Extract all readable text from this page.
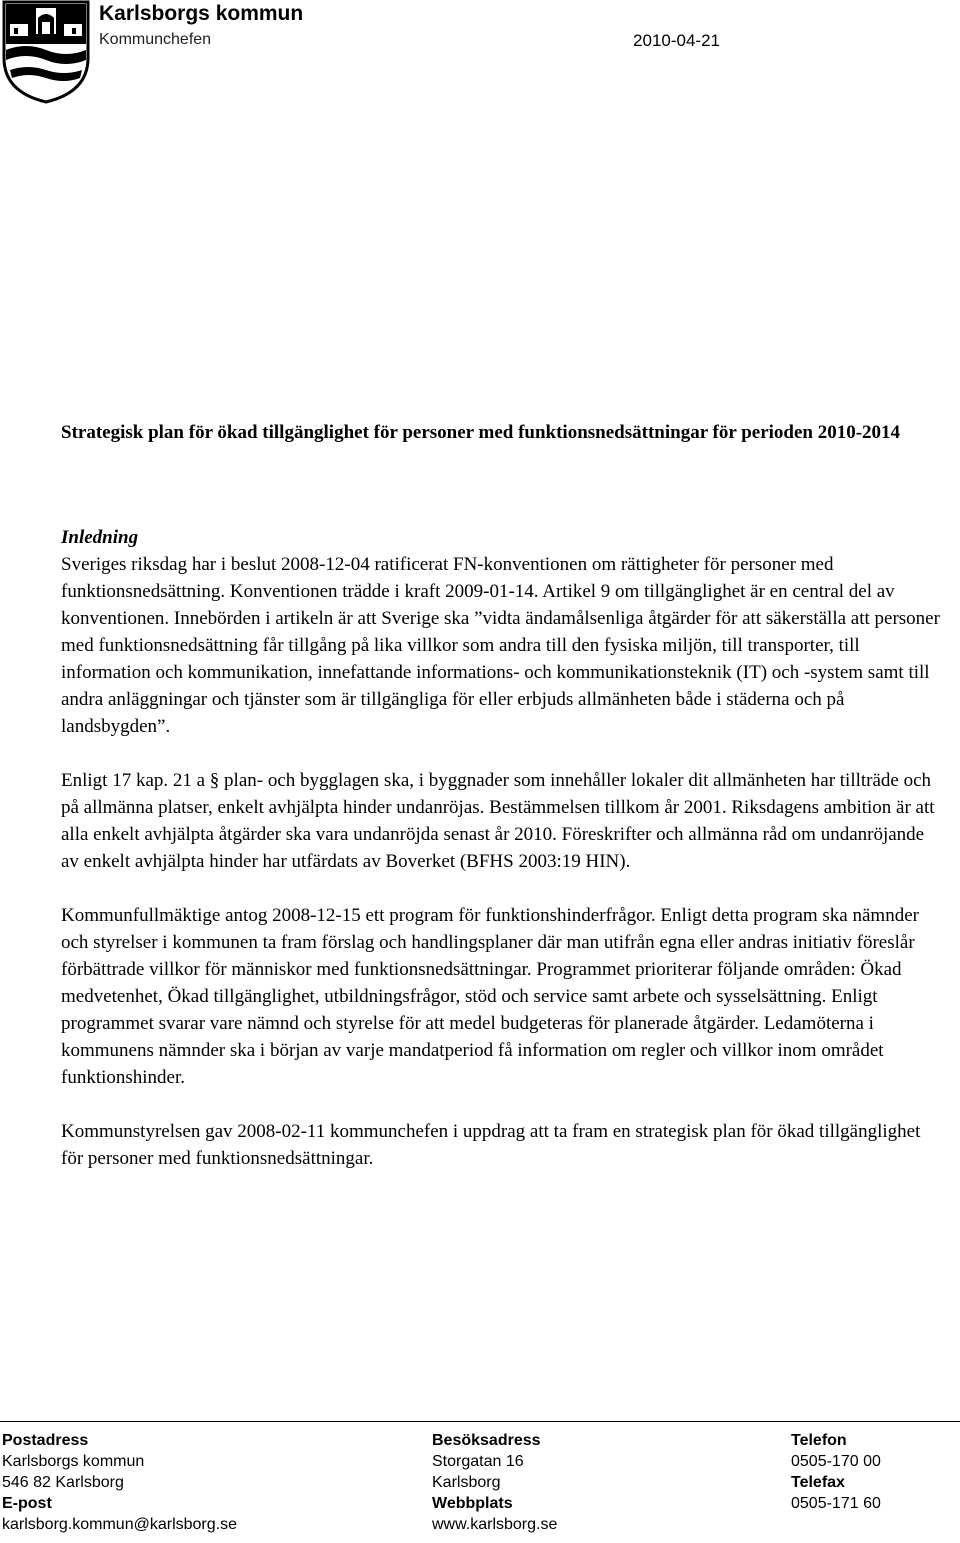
Karlsborgs kommun
Kommunchefen	2010-04-21
Strategisk plan för ökad tillgänglighet för personer med funktionsnedsättningar för perioden 2010-2014
Inledning

Sveriges riksdag har i beslut 2008-12-04 ratificerat FN-konventionen om rättigheter för personer med funktionsnedsättning. Konventionen trädde i kraft 2009-01-14. Artikel 9 om tillgänglighet är en central del av konventionen. Innebörden i artikeln är att Sverige ska ”vidta ändamålsenliga åtgärder för att säkerställa att personer med funktionsnedsättning får tillgång på lika villkor som andra till den fysiska miljön, till transporter, till information och kommunikation, innefattande informations- och kommunikationsteknik (IT) och -system samt till andra anläggningar och tjänster som är tillgängliga för eller erbjuds allmänheten både i städerna och på landsbygden”.

Enligt 17 kap. 21 a § plan- och bygglagen ska, i byggnader som innehåller lokaler dit allmänheten har tillträde och på allmänna platser, enkelt avhjälpta hinder undanröjas. Bestämmelsen tillkom år 2001. Riksdagens ambition är att alla enkelt avhjälpta åtgärder ska vara undanröjda senast år 2010. Föreskrifter och allmänna råd om undanröjande av enkelt avhjälpta hinder har utfärdats av Boverket (BFHS 2003:19 HIN).

Kommunfullmäktige antog 2008-12-15 ett program för funktionshinderfrågor. Enligt detta program ska nämnder och styrelser i kommunen ta fram förslag och handlingsplaner där man utifrån egna eller andras initiativ föreslår förbättrade villkor för människor med funktionsnedsättningar. Programmet prioriterar följande områden: Ökad medvetenhet, Ökad tillgänglighet, utbildningsfrågor, stöd och service samt arbete och sysselsättning. Enligt programmet svarar vare nämnd och styrelse för att medel budgeteras för planerade åtgärder. Ledamöterna i kommunens nämnder ska i början av varje mandatperiod få information om regler och villkor inom området funktionshinder.

Kommunstyrelsen gav 2008-02-11 kommunchefen i uppdrag att ta fram en strategisk plan för ökad tillgänglighet för personer med funktionsnedsättningar.

Postadress
Karlsborgs kommun
546 82 Karlsborg
E-post
karlsborg.kommun@karlsborg.se
Besöksadress
Storgatan 16
Karlsborg
Webbplats
www.karlsborg.se
Telefon
0505-170 00
Telefax
0505-171 60
